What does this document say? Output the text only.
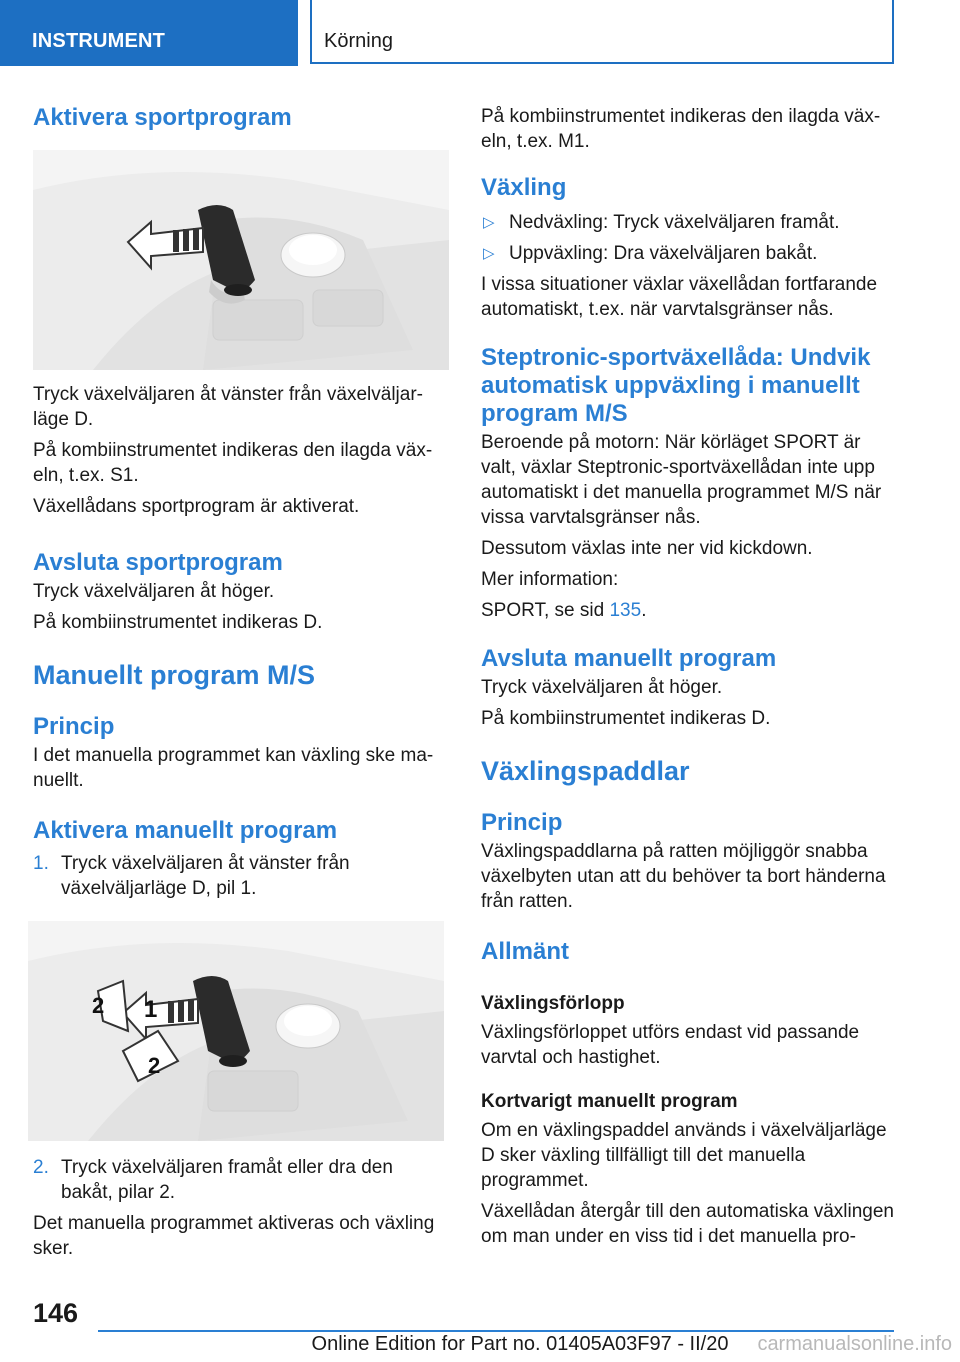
INSTRUMENT	Körning
Aktivera sportprogram

Tryck växelväljaren åt vänster från växelväljarläge D.

På kombiinstrumentet indikeras den ilagda växeln, t.ex. S1.

Växellådans sportprogram är aktiverat.

Avsluta sportprogram

Tryck växelväljaren åt höger.

På kombiinstrumentet indikeras D.

Manuellt program M/S
Princip

I det manuella programmet kan växling ske manuellt.

Aktivera manuellt program
1. Tryck växelväljaren åt vänster från växelväljarläge D, pil 1.
1
2
2
2. Tryck växelväljaren framåt eller dra den bakåt, pilar 2.

Det manuella programmet aktiveras och växling sker.

På kombiinstrumentet indikeras den ilagda växeln, t.ex. M1.

Växling
▷ Nedväxling: Tryck växelväljaren framåt.
▷ Uppväxling: Dra växelväljaren bakåt.

I vissa situationer växlar växellådan fortfarande automatiskt, t.ex. när varvtalsgränser nås.

Steptronic-sportväxellåda: Undvik automatisk uppväxling i manuellt program M/S

Beroende på motorn: När körläget SPORT är valt, växlar Steptronic-sportväxellådan inte upp automatiskt i det manuella programmet M/S när vissa varvtalsgränser nås.

Dessutom växlas inte ner vid kickdown.

Mer information:

SPORT, se sid 135.

Avsluta manuellt program

Tryck växelväljaren åt höger.

På kombiinstrumentet indikeras D.

Växlingspaddlar
Princip

Växlingspaddlarna på ratten möjliggör snabba växelbyten utan att du behöver ta bort händerna från ratten.

Allmänt
Växlingsförlopp

Växlingsförloppet utförs endast vid passande varvtal och hastighet.

Kortvarigt manuellt program

Om en växlingspaddel används i växelväljarläge D sker växling tillfälligt till det manuella programmet.

Växellådan återgår till den automatiska växlingen om man under en viss tid i det manuella pro-

146
Online Edition for Part no. 01405A03F97 - II/20	carmanualsonline.info
